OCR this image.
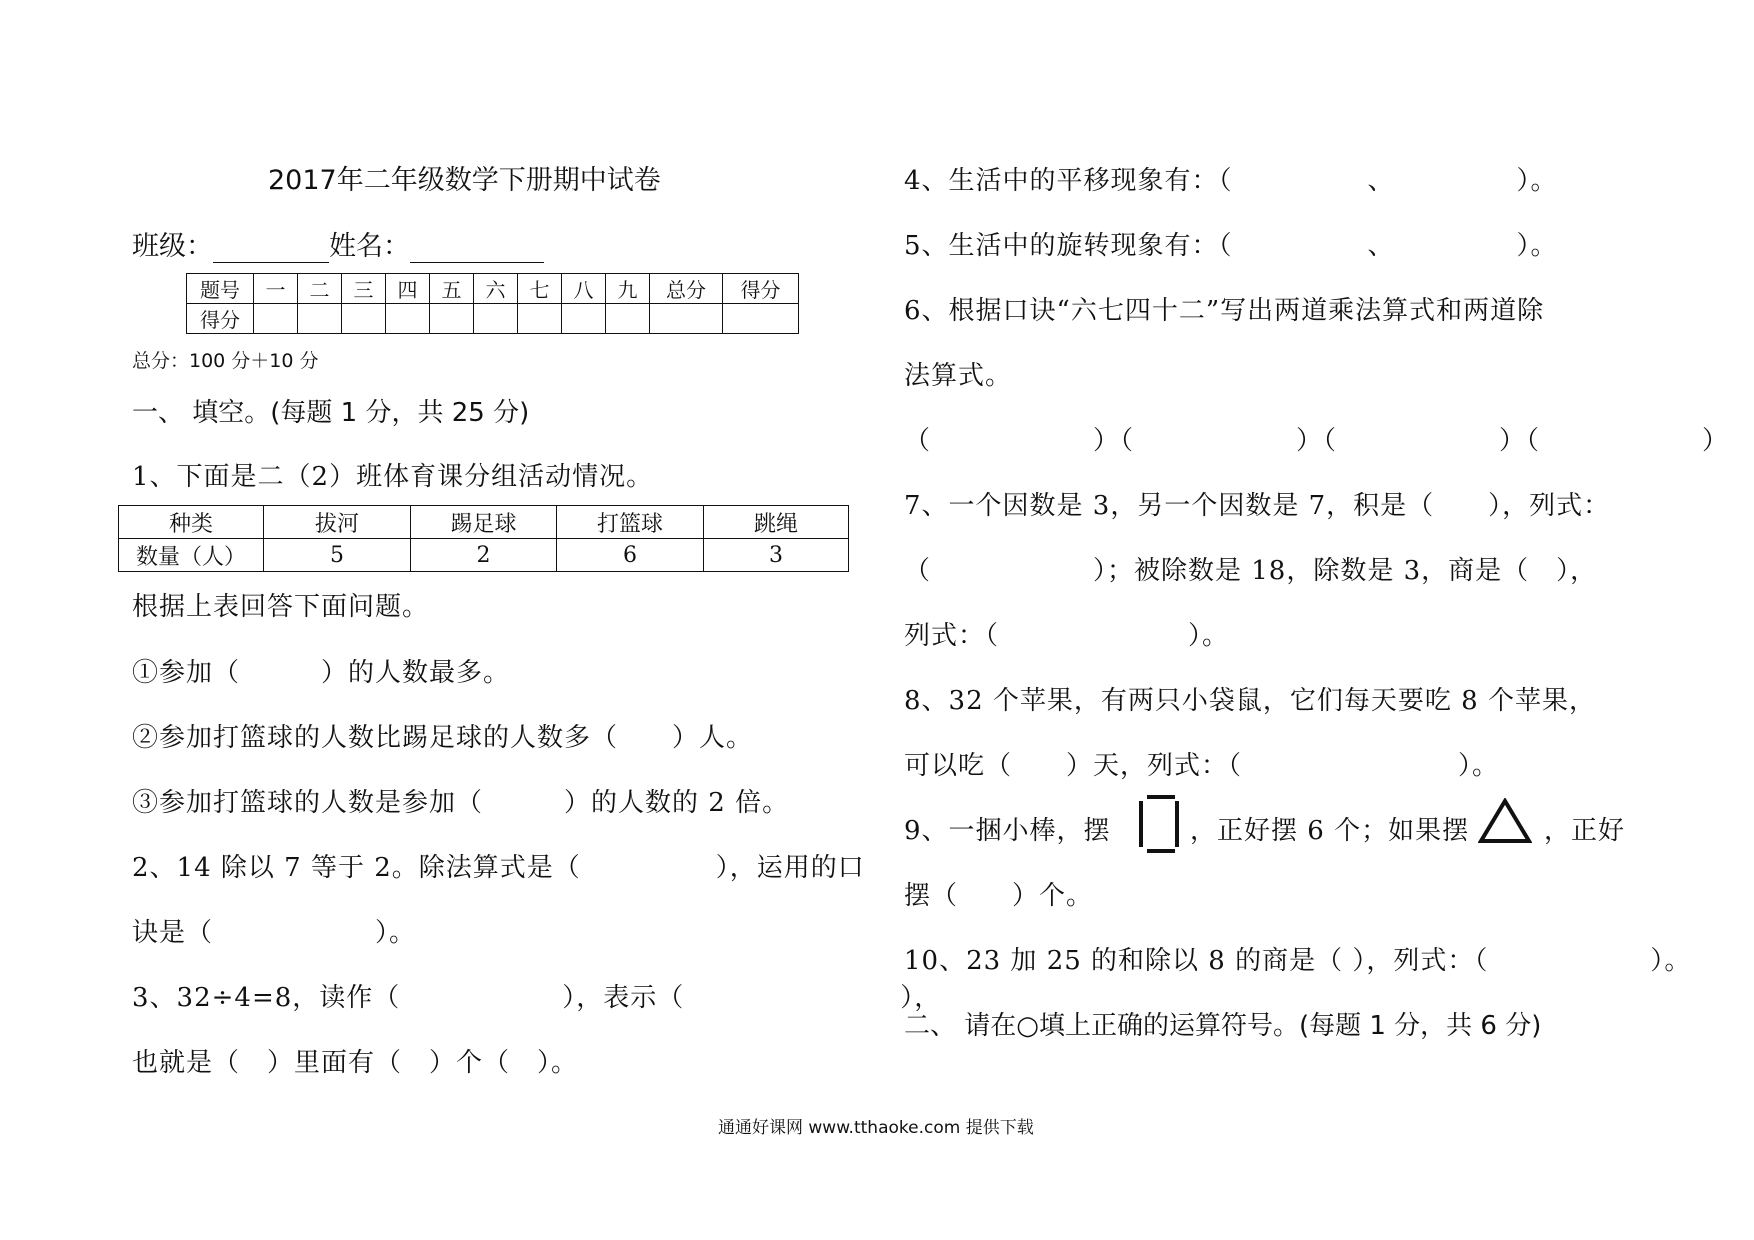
2017年二年级数学下册期中试卷
班级：	姓名：
题号	一	二	三	四	五	六	七	八	九	总分	得分
得分											
总分：100 分＋10 分
一、 填空。(每题 1 分，共 25 分)
1、下面是二（2）班体育课分组活动情况。
种类	拔河	踢足球	打篮球	跳绳
数量（人）	5	2	6	3
根据上表回答下面问题。
①参加（　　　）的人数最多。
②参加打篮球的人数比踢足球的人数多（　　）人。
③参加打篮球的人数是参加（　　　）的人数的 2 倍。
2、14 除以 7 等于 2。除法算式是（　　　　　），运用的口
诀是（　　　　　　）。
3、32÷4=8，读作（　　　　　　），表示（　　　　　　　　），
也就是（　）里面有（　）个（　）。
4、生活中的平移现象有：（　　　　　、　　　　　）。
5、生活中的旋转现象有：（　　　　　、　　　　　）。
6、根据口诀“六七四十二”写出两道乘法算式和两道除
法算式。
（　　　　　　）（　　　　　　）（　　　　　　）（　　　　　　）
7、一个因数是 3，另一个因数是 7，积是（　　），列式：
（　　　　　　）；被除数是 18，除数是 3，商是（　），
列式：（　　　　　　　）。
8、32 个苹果，有两只小袋鼠，它们每天要吃 8 个苹果，
可以吃（　　）天，列式：（　　　　　　　　）。
9、一捆小棒，摆	，正好摆 6 个；如果摆	，正好
摆（　　）个。
10、23 加 25 的和除以 8 的商是（ ），列式：（　　　　　　）。
二、 请在○填上正确的运算符号。(每题 1 分，共 6 分)
通通好课网 www.tthaoke.com 提供下载
